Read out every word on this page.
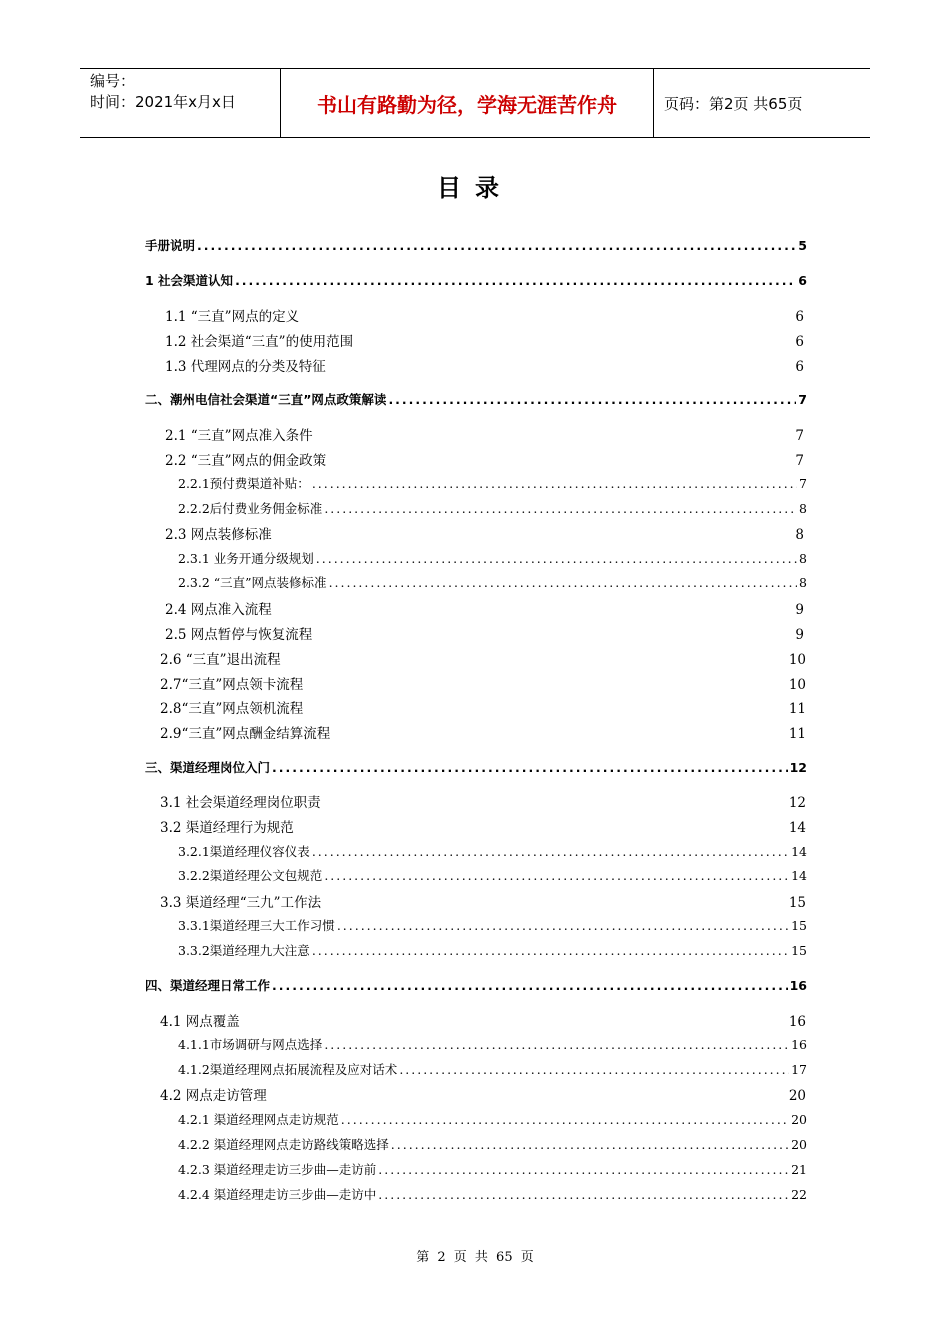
编号：
时间：2021年x月x日	书山有路勤为径，学海无涯苦作舟	页码：第2页 共65页
目录
手册说明 .....	5
1 社会渠道认知 .....	6
1.1 “三直”网点的定义	6
1.2 社会渠道“三直”的使用范围	6
1.3 代理网点的分类及特征	6
二、潮州电信社会渠道“三直”网点政策解读 .....	7
2.1 “三直”网点准入条件	7
2.2 “三直”网点的佣金政策	7
2.2.1预付费渠道补贴： .....	7
2.2.2后付费业务佣金标准 .....	8
2.3 网点装修标准	8
2.3.1 业务开通分级规划 .....	8
2.3.2 “三直”网点装修标准 .....	8
2.4 网点准入流程	9
2.5 网点暂停与恢复流程	9
2.6 “三直”退出流程	10
2.7“三直”网点领卡流程	10
2.8“三直”网点领机流程	11
2.9“三直”网点酬金结算流程	11
三、渠道经理岗位入门 .....	12
3.1 社会渠道经理岗位职责	12
3.2 渠道经理行为规范	14
3.2.1渠道经理仪容仪表 .....	14
3.2.2渠道经理公文包规范 .....	14
3.3 渠道经理“三九”工作法	15
3.3.1渠道经理三大工作习惯 .....	15
3.3.2渠道经理九大注意 .....	15
四、渠道经理日常工作 .....	16
4.1 网点覆盖	16
4.1.1市场调研与网点选择 .....	16
4.1.2渠道经理网点拓展流程及应对话术 .....	17
4.2 网点走访管理	20
4.2.1 渠道经理网点走访规范 .....	20
4.2.2 渠道经理网点走访路线策略选择 .....	20
4.2.3 渠道经理走访三步曲—走访前 .....	21
4.2.4 渠道经理走访三步曲—走访中 .....	22
第 2 页 共 65 页
